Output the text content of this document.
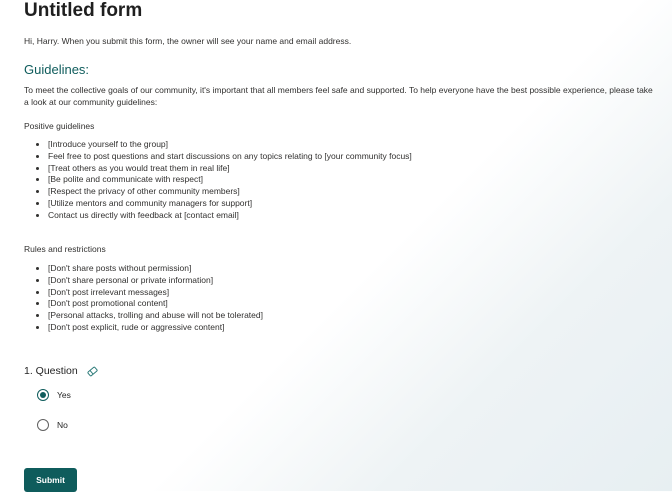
Untitled form
Hi, Harry. When you submit this form, the owner will see your name and email address.
Guidelines:
To meet the collective goals of our community, it's important that all members feel safe and supported. To help everyone have the best possible experience, please take a look at our community guidelines:
Positive guidelines
• [Introduce yourself to the group]
• Feel free to post questions and start discussions on any topics relating to [your community focus]
• [Treat others as you would treat them in real life]
• [Be polite and communicate with respect]
• [Respect the privacy of other community members]
• [Utilize mentors and community managers for support]
• Contact us directly with feedback at [contact email]
Rules and restrictions
• [Don't share posts without permission]
• [Don't share personal or private information]
• [Don't post irrelevant messages]
• [Don't post promotional content]
• [Personal attacks, trolling and abuse will not be tolerated]
• [Don't post explicit, rude or aggressive content]
1. Question
Yes
No
Submit
